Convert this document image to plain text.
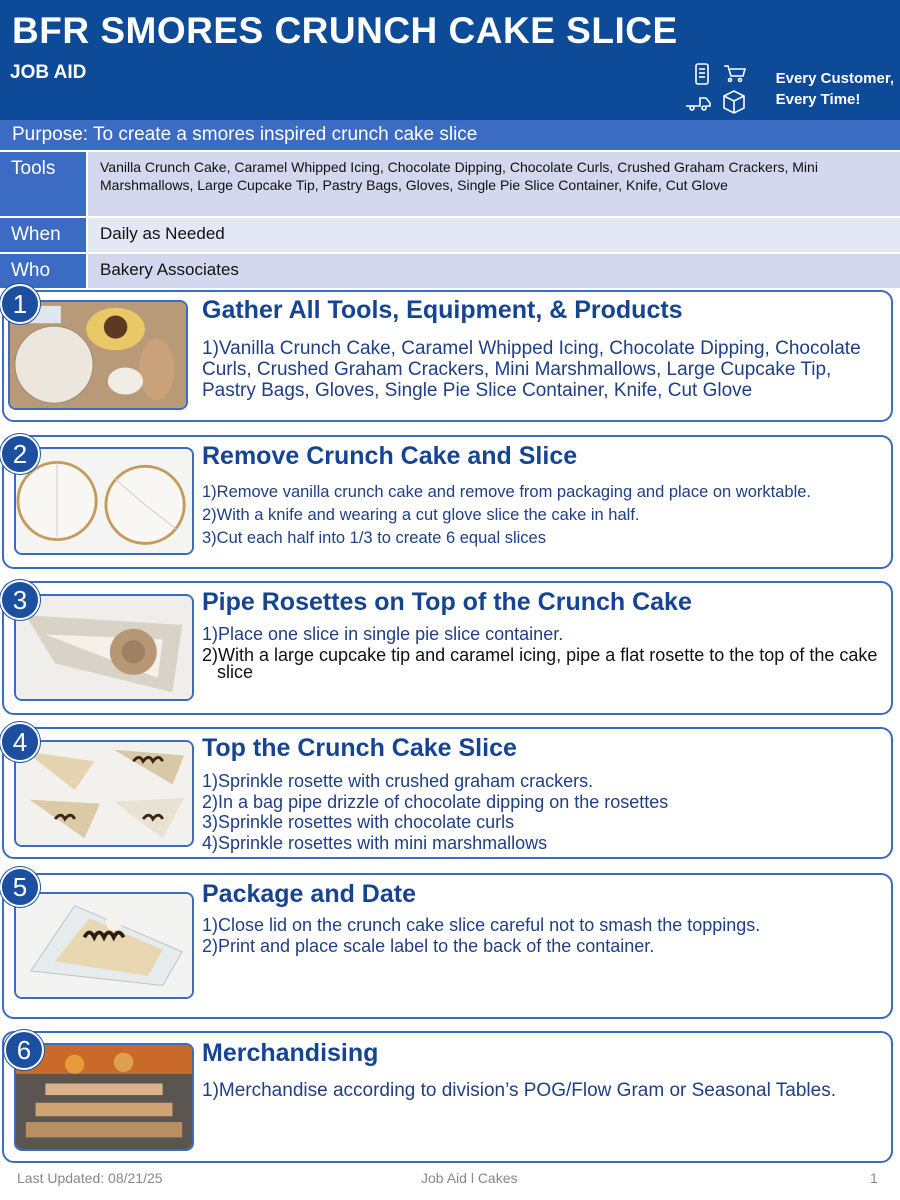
BFR SMORES CRUNCH CAKE SLICE
JOB AID	Every Customer,
Every Time!
Purpose: To create a smores inspired crunch cake slice
Tools	Vanilla Crunch Cake, Caramel Whipped Icing, Chocolate Dipping, Chocolate Curls, Crushed Graham Crackers, Mini Marshmallows, Large Cupcake Tip, Pastry Bags, Gloves, Single Pie Slice Container, Knife, Cut Glove
When	Daily as Needed
Who	Bakery Associates
1	Gather All Tools, Equipment, & Products
1)Vanilla Crunch Cake, Caramel Whipped Icing, Chocolate Dipping, Chocolate Curls, Crushed Graham Crackers, Mini Marshmallows, Large Cupcake Tip, Pastry Bags, Gloves, Single Pie Slice Container, Knife, Cut Glove
2	Remove Crunch Cake and Slice
1)Remove vanilla crunch cake and remove from packaging and place on worktable.
2)With a knife and wearing a cut glove slice the cake in half.
3)Cut each half into 1/3 to create 6 equal slices
3	Pipe Rosettes on Top of the Crunch Cake
1)Place one slice in single pie slice container.
2)With a large cupcake tip and caramel icing, pipe a flat rosette to the top of the cake slice
4	Top the Crunch Cake Slice
1)Sprinkle rosette with crushed graham crackers.
2)In a bag pipe drizzle of chocolate dipping on the rosettes
3)Sprinkle rosettes with chocolate curls
4)Sprinkle rosettes with mini marshmallows
5	Package and Date
1)Close lid on the crunch cake slice careful not to smash the toppings.
2)Print and place scale label to the back of the container.
6	Merchandising
1)Merchandise according to division’s POG/Flow Gram or Seasonal Tables.
Last Updated: 08/21/25	Job Aid l Cakes	1
